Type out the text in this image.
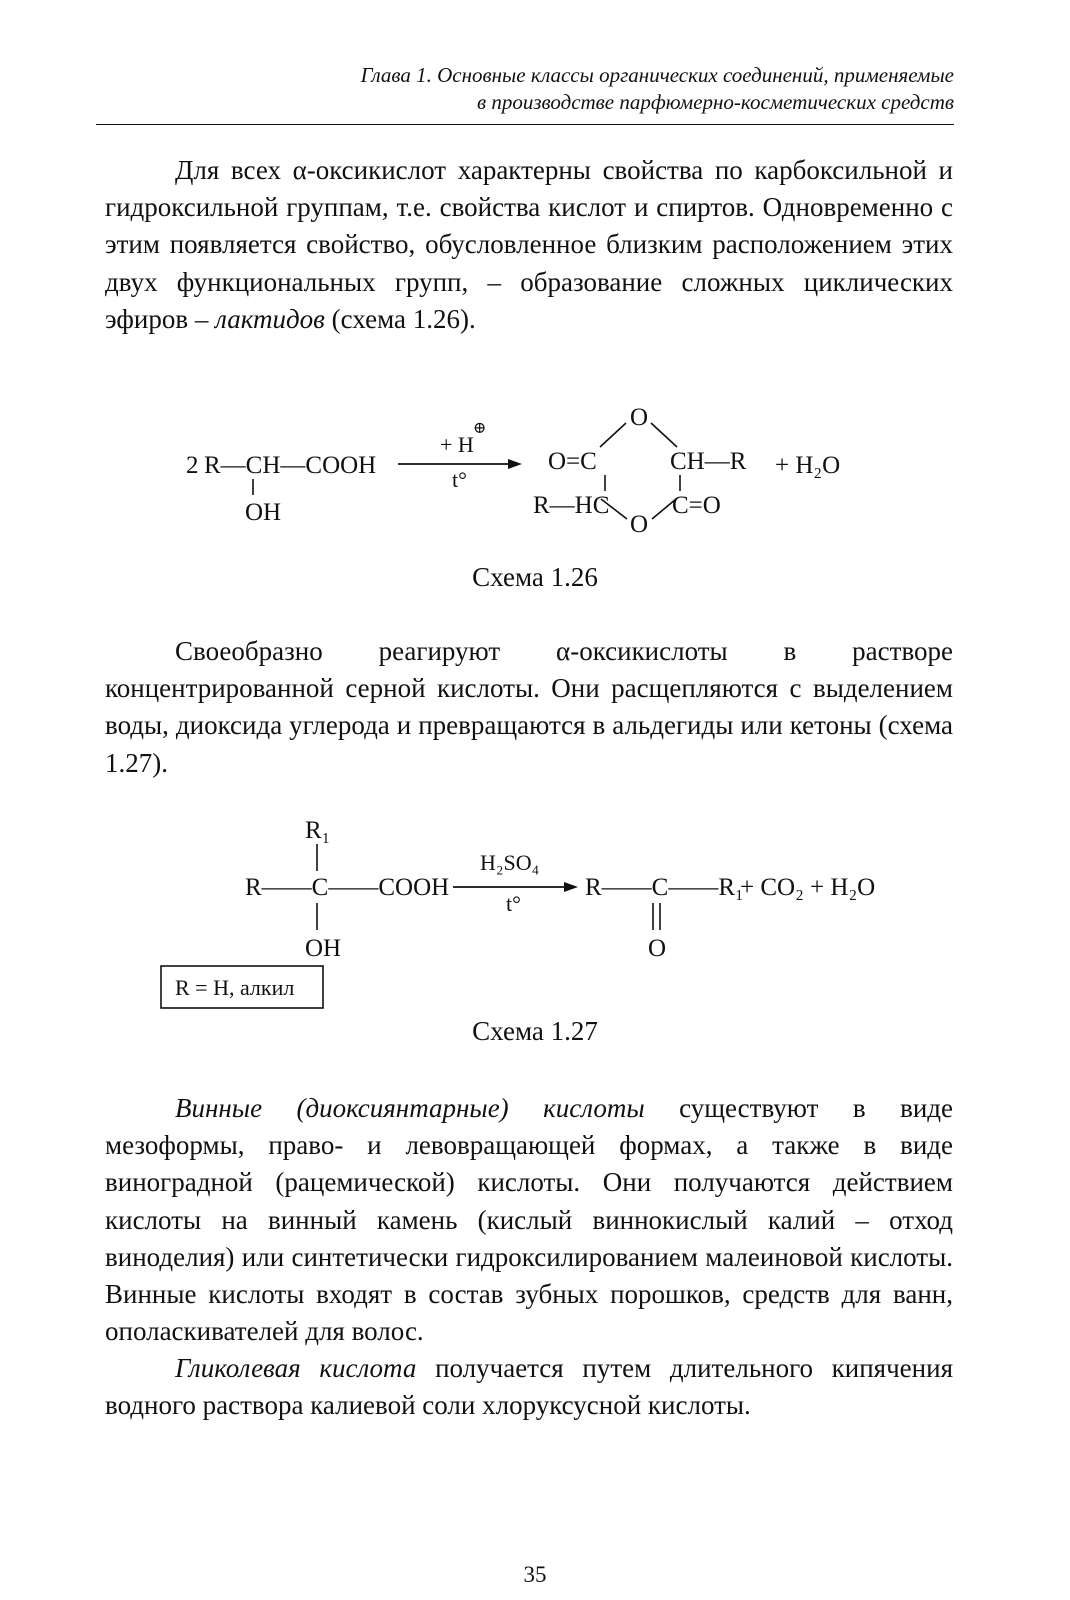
Глава 1. Основные классы органических соединений, применяемые
в производстве парфюмерно-косметических средств

Для всех α-оксикислот характерны свойства по карбоксильной и гидроксильной группам, т.е. свойства кислот и спиртов. Одновременно с этим появляется свойство, обусловленное близким расположением этих двух функциональных групп, – образование сложных циклических эфиров – лактидов (схема 1.26).

2 R—CH—COOH
OH
+ H
⊕
t°
O
O=C	CH—R
R—HC	C=O
O
+ H₂O
Схема 1.26

Своеобразно реагируют α-оксикислоты в растворе концентрированной серной кислоты. Они расщепляются с выделением воды, диоксида углерода и превращаются в альдегиды или кетоны (схема 1.27).

R₁
R——C——COOH
OH
H₂SO₄
t°
R——C——R₁
O
+ CO₂ + H₂O
R = H, алкил
Схема 1.27

Винные (диоксиянтарные) кислоты существуют в виде мезоформы, право- и левовращающей формах, а также в виде виноградной (рацемической) кислоты. Они получаются действием кислоты на винный камень (кислый виннокислый калий – отход виноделия) или синтетически гидроксилированием малеиновой кислоты. Винные кислоты входят в состав зубных порошков, средств для ванн, ополаскивателей для волос.

Гликолевая кислота получается путем длительного кипячения водного раствора калиевой соли хлоруксусной кислоты.

35
